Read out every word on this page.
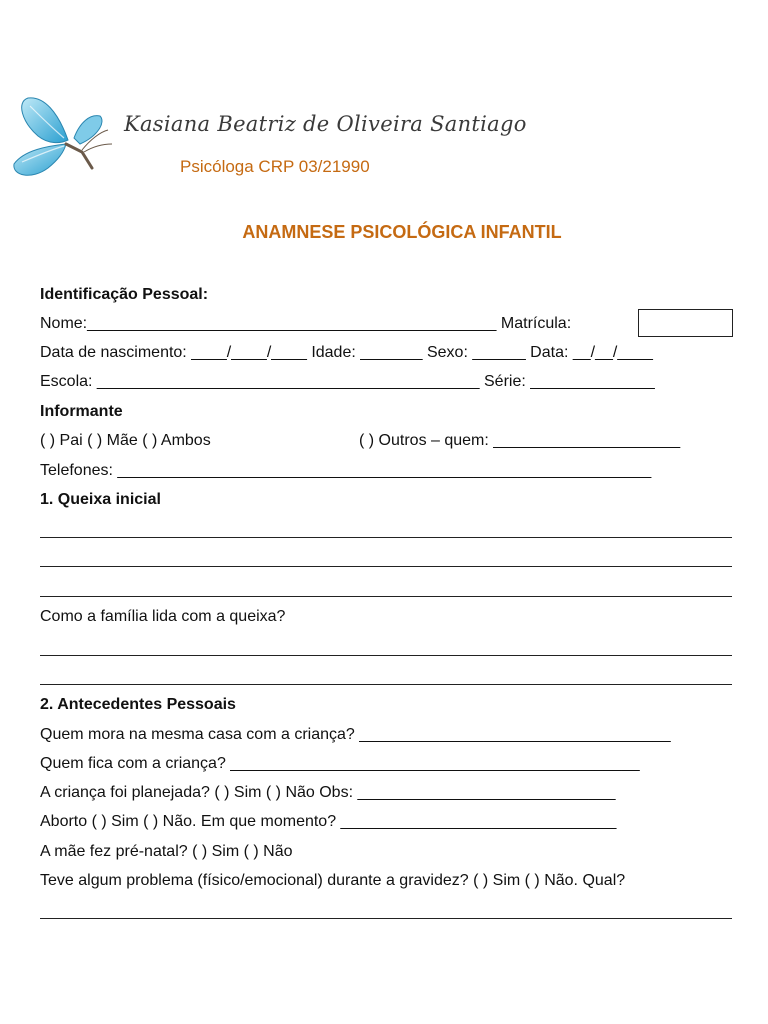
Kasiana Beatriz de Oliveira Santiago
Psicóloga CRP 03/21990
ANAMNESE PSICOLÓGICA INFANTIL
Identificação Pessoal:
Nome:______________________________________________ Matrícula:
Data de nascimento: ____/____/____ Idade: _______ Sexo: ______ Data: __/__/____
Escola: ___________________________________________ Série: ______________
Informante
( ) Pai ( ) Mãe ( ) Ambos	( ) Outros – quem: _____________________
Telefones: ____________________________________________________________
1. Queixa inicial
Como a família lida com a queixa?
2. Antecedentes Pessoais
Quem mora na mesma casa com a criança? ___________________________________
Quem fica com a criança? ______________________________________________
A criança foi planejada? ( ) Sim ( ) Não Obs: _____________________________
Aborto ( ) Sim ( ) Não. Em que momento? _______________________________
A mãe fez pré-natal? ( ) Sim ( ) Não
Teve algum problema (físico/emocional) durante a gravidez? ( ) Sim ( ) Não. Qual?
